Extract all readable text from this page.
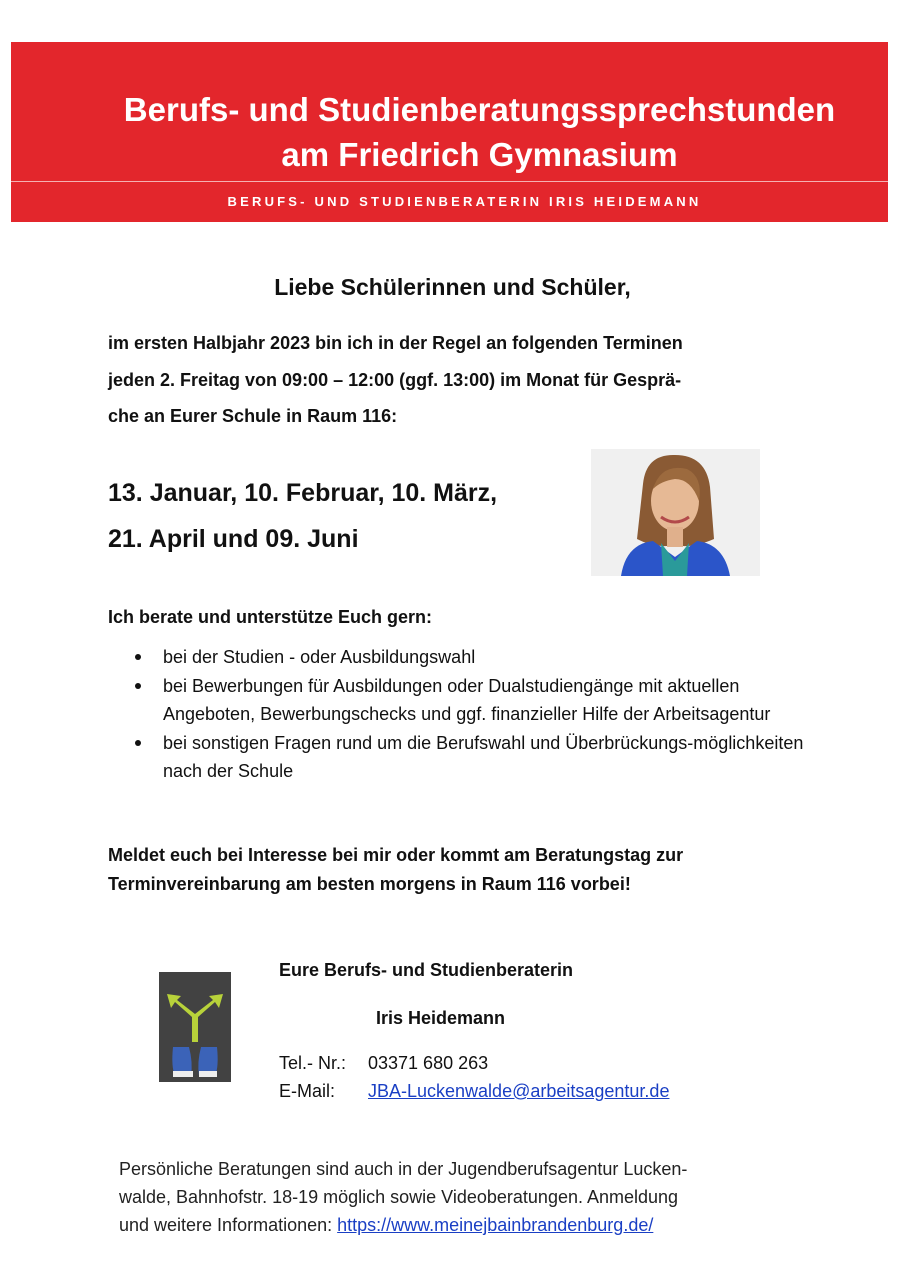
Berufs- und Studienberatungssprechstunden
am Friedrich Gymnasium
BERUFS- UND STUDIENBERATERIN IRIS HEIDEMANN
Liebe Schülerinnen und Schüler,
im ersten Halbjahr 2023 bin ich in der Regel an folgenden Terminen
jeden 2. Freitag von 09:00 – 12:00 (ggf. 13:00) im Monat für Gesprä-
che an Eurer Schule in Raum 116:
13. Januar, 10. Februar, 10. März,
21. April und 09. Juni
Ich berate und unterstütze Euch gern:
bei der Studien - oder Ausbildungswahl
bei Bewerbungen für Ausbildungen oder Dualstudiengänge mit aktuellen Angeboten, Bewerbungschecks und ggf. finanzieller Hilfe der Arbeitsagentur
bei sonstigen Fragen rund um die Berufswahl und Überbrückungs-möglichkeiten nach der Schule
Meldet euch bei Interesse bei mir oder kommt am Beratungstag zur
Terminvereinbarung am besten morgens in Raum 116 vorbei!
Eure Berufs- und Studienberaterin
Iris Heidemann
Tel.- Nr.: 03371 680 263
E-Mail: JBA-Luckenwalde@arbeitsagentur.de
Persönliche Beratungen sind auch in der Jugendberufsagentur Lucken-
walde, Bahnhofstr. 18-19 möglich sowie Videoberatungen. Anmeldung
und weitere Informationen: https://www.meinejbainbrandenburg.de/
